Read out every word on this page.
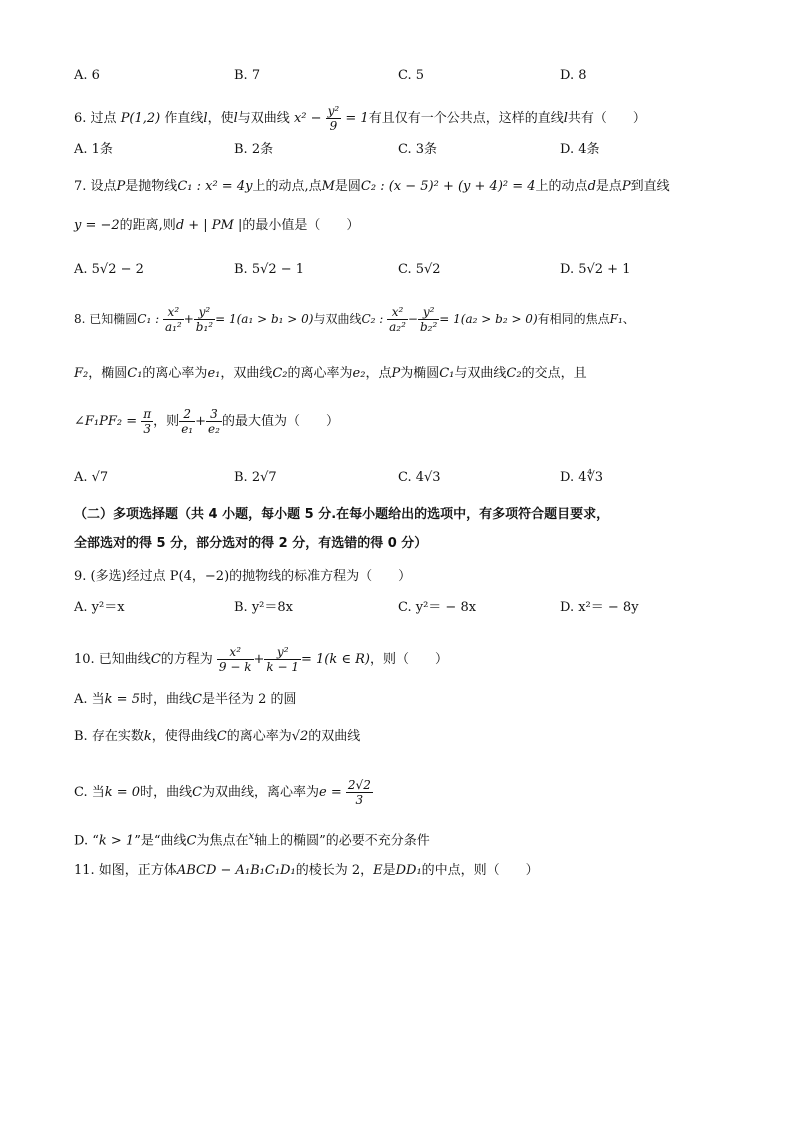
A. 6	B. 7	C. 5	D. 8
6. 过点 P(1,2) 作直线l，使l与双曲线 $x^2 - \frac{\text{y²}}{9} = 1$有且仅有一个公共点，这样的直线l共有（　　）
A. 1条	B. 2条	C. 3条	D. 4条
7. 设点P是抛物线C₁ : x² = 4y上的动点,点M是圆C₂ : (x − 5)² + (y + 4)² = 4上的动点d是点P到直线
y = −2的距离,则d + | PM |的最小值是（　　）
A. 5√2 − 2	B. 5√2 − 1	C. 5√2	D. 5√2 + 1
8. 已知椭圆C₁ : $\frac{\text{x²}}{\text{a₁²}} + \frac{\text{y²}}{\text{b₁²}} = 1(a_1 > b_1 > 0)$与双曲线C₂ : $\frac{\text{x²}}{\text{a₂²}} - \frac{\text{y²}}{\text{b₂²}} = 1(a_2 > b_2 > 0)$有相同的焦点F₁、
F₂，椭圆C₁的离心率为e₁，双曲线C₂的离心率为e₂，点P为椭圆C₁与双曲线C₂的交点，且
∠F₁PF₂ = $\frac{\pi}{3}$ ，则 $\frac{2}{\text{e₁}} + \frac{3}{\text{e₂}}$ 的最大值为（　　）
A. √7	B. 2√7	C. 4√3	D. 4∜3
（二）多项选择题（共 4 小题，每小题 5 分.在每小题给出的选项中，有多项符合题目要求，
全部选对的得 5 分，部分选对的得 2 分，有选错的得 0 分）
9. (多选)经过点 P(4，−2)的抛物线的标准方程为（　　）
A. y²＝x	B. y²＝8x	C. y²＝ − 8x	D. x²＝ − 8y
10. 已知曲线C的方程为 $\frac{\text{x²}}{9 - k} + \frac{\text{y²}}{k - 1} = 1(k$ ∈ R)，则（　　）
A. 当k = 5时，曲线C是半径为 2 的圆
B. 存在实数k，使得曲线C的离心率为√2的双曲线
C. 当k = 0时，曲线C为双曲线，离心率为$e = \frac{2√2}{3}$
D. “k > 1”是“曲线C为焦点在$^x$轴上的椭圆”的必要不充分条件
11. 如图，正方体ABCD − A₁B₁C₁D₁的棱长为 2，E是DD₁的中点，则（　　）
